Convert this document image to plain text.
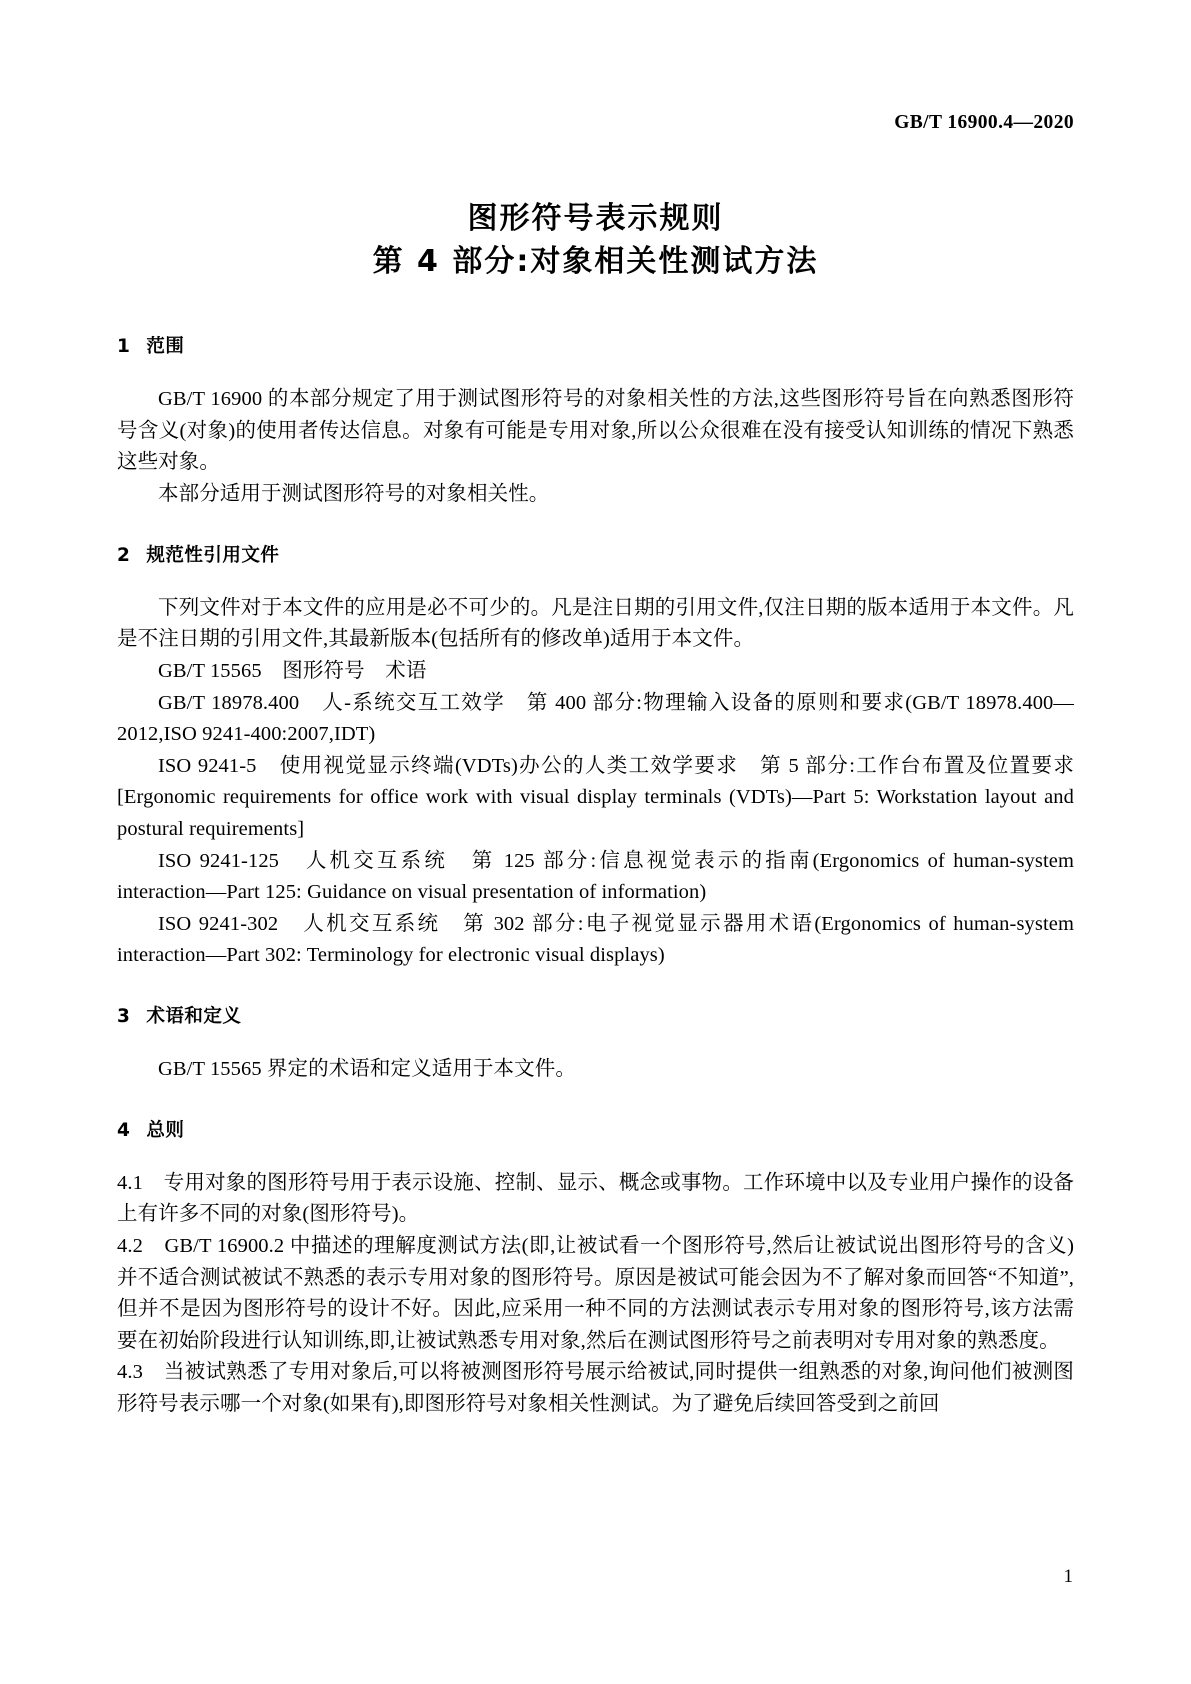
GB/T 16900.4—2020
图形符号表示规则
第 4 部分:对象相关性测试方法
1 范围

GB/T 16900 的本部分规定了用于测试图形符号的对象相关性的方法,这些图形符号旨在向熟悉图形符号含义(对象)的使用者传达信息。对象有可能是专用对象,所以公众很难在没有接受认知训练的情况下熟悉这些对象。

本部分适用于测试图形符号的对象相关性。

2 规范性引用文件

下列文件对于本文件的应用是必不可少的。凡是注日期的引用文件,仅注日期的版本适用于本文件。凡是不注日期的引用文件,其最新版本(包括所有的修改单)适用于本文件。

GB/T 15565　图形符号　术语

GB/T 18978.400　人-系统交互工效学　第 400 部分:物理输入设备的原则和要求(GB/T 18978.400—2012,ISO 9241-400:2007,IDT)

ISO 9241-5　使用视觉显示终端(VDTs)办公的人类工效学要求　第 5 部分:工作台布置及位置要求[Ergonomic requirements for office work with visual display terminals (VDTs)—Part 5: Workstation layout and postural requirements]

ISO 9241-125　人机交互系统　第 125 部分:信息视觉表示的指南(Ergonomics of human-system interaction—Part 125: Guidance on visual presentation of information)

ISO 9241-302　人机交互系统　第 302 部分:电子视觉显示器用术语(Ergonomics of human-system interaction—Part 302: Terminology for electronic visual displays)

3 术语和定义

GB/T 15565 界定的术语和定义适用于本文件。

4 总则

4.1　 专用对象的图形符号用于表示设施、控制、显示、概念或事物。工作环境中以及专业用户操作的设备上有许多不同的对象(图形符号)。

4.2　 GB/T 16900.2 中描述的理解度测试方法(即,让被试看一个图形符号,然后让被试说出图形符号的含义)并不适合测试被试不熟悉的表示专用对象的图形符号。原因是被试可能会因为不了解对象而回答“不知道”,但并不是因为图形符号的设计不好。因此,应采用一种不同的方法测试表示专用对象的图形符号,该方法需要在初始阶段进行认知训练,即,让被试熟悉专用对象,然后在测试图形符号之前表明对专用对象的熟悉度。

4.3　 当被试熟悉了专用对象后,可以将被测图形符号展示给被试,同时提供一组熟悉的对象,询问他们被测图形符号表示哪一个对象(如果有),即图形符号对象相关性测试。为了避免后续回答受到之前回

1
